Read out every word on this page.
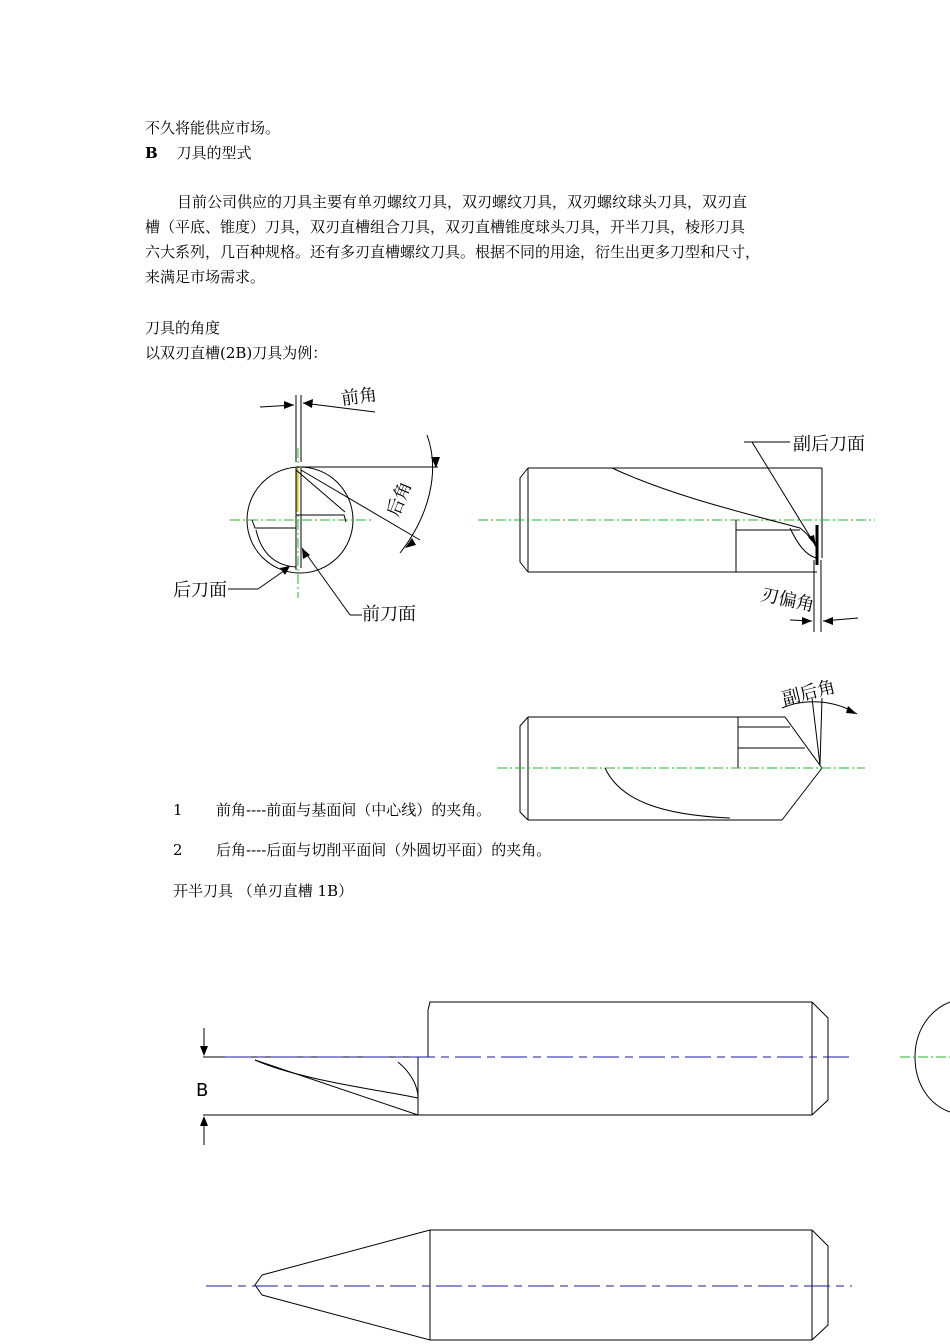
不久将能供应市场。
B 刀具的型式
目前公司供应的刀具主要有单刃螺纹刀具，双刃螺纹刀具，双刃螺纹球头刀具，双刃直
槽（平底、锥度）刀具，双刃直槽组合刀具，双刃直槽锥度球头刀具，开半刀具，棱形刀具
六大系列，几百种规格。还有多刃直槽螺纹刀具。根据不同的用途，衍生出更多刀型和尺寸，
来满足市场需求。
刀具的角度
以双刃直槽(2B)刀具为例：
1 前角----前面与基面间（中心线）的夹角。
2 后角----后面与切削平面间（外圆切平面）的夹角。
开半刀具 （单刃直槽 1B）
前角
后角
后刀面
前刀面
副后刀面
刃偏角
副后角
B
